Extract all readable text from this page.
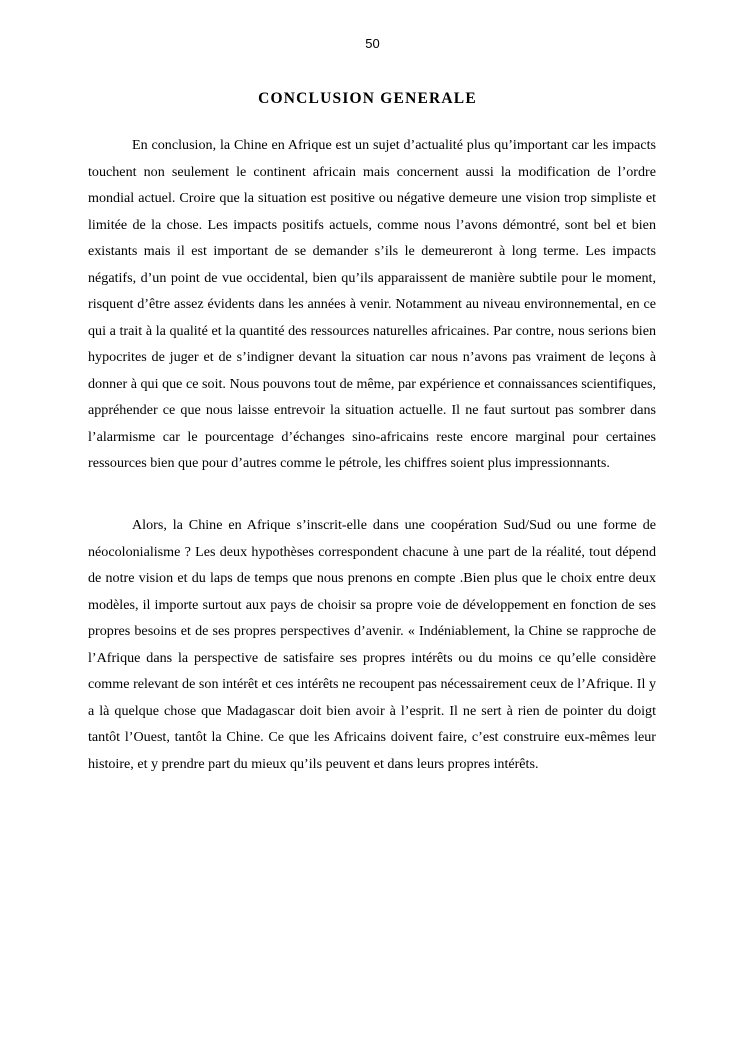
50
CONCLUSION GENERALE

En conclusion, la Chine en Afrique est un sujet d’actualité plus qu’important car les impacts touchent non seulement le continent africain mais concernent aussi la modification de l’ordre mondial actuel. Croire que la situation est positive ou négative demeure une vision trop simpliste et limitée de la chose. Les impacts positifs actuels, comme nous l’avons démontré, sont bel et bien existants mais il est important de se demander s’ils le demeureront à long terme. Les impacts négatifs, d’un point de vue occidental, bien qu’ils apparaissent de manière subtile pour le moment, risquent d’être assez évidents dans les années à venir. Notamment au niveau environnemental, en ce qui a trait à la qualité et la quantité des ressources naturelles africaines. Par contre, nous serions bien hypocrites de juger et de s’indigner devant la situation car nous n’avons pas vraiment de leçons à donner à qui que ce soit. Nous pouvons tout de même, par expérience et connaissances scientifiques, appréhender ce que nous laisse entrevoir la situation actuelle. Il ne faut surtout pas sombrer dans l’alarmisme car le pourcentage d’échanges sino-africains reste encore marginal pour certaines ressources bien que pour d’autres comme le pétrole, les chiffres soient plus impressionnants.

Alors, la Chine en Afrique s’inscrit-elle dans une coopération Sud/Sud ou une forme de néocolonialisme ? Les deux hypothèses correspondent chacune à une part de la réalité, tout dépend de notre vision et du laps de temps que nous prenons en compte .Bien plus que le choix entre deux modèles, il importe surtout aux pays de choisir sa propre voie de développement en fonction de ses propres besoins et de ses propres perspectives d’avenir. « Indéniablement, la Chine se rapproche de l’Afrique dans la perspective de satisfaire ses propres intérêts ou du moins ce qu’elle considère comme relevant de son intérêt et ces intérêts ne recoupent pas nécessairement ceux de l’Afrique. Il y a là quelque chose que Madagascar doit bien avoir à l’esprit. Il ne sert à rien de pointer du doigt tantôt l’Ouest, tantôt la Chine. Ce que les Africains doivent faire, c’est construire eux-mêmes leur histoire, et y prendre part du mieux qu’ils peuvent et dans leurs propres intérêts.
